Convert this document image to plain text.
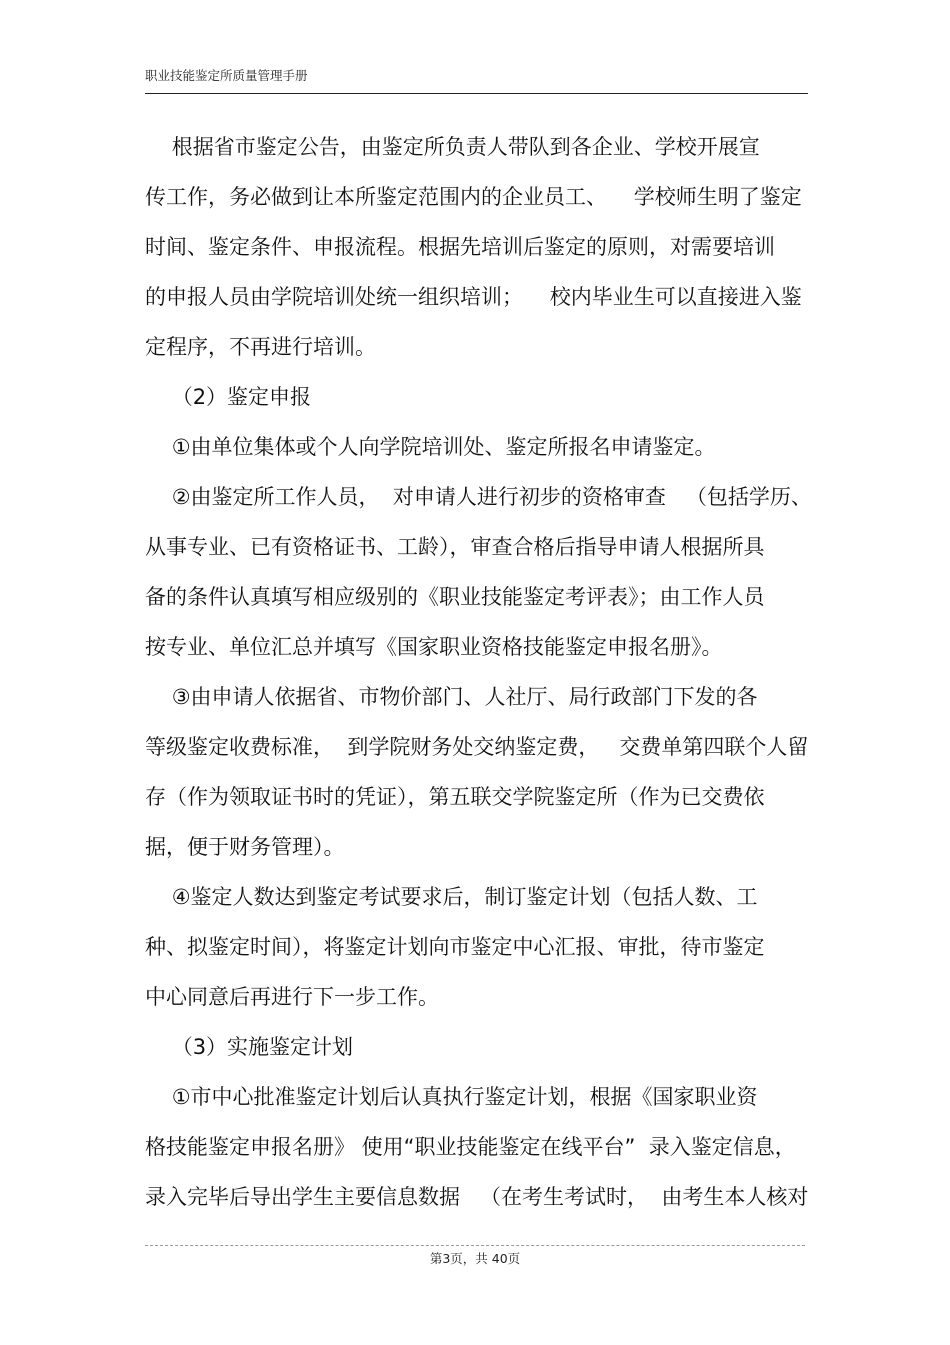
职业技能鉴定所质量管理手册
根据省市鉴定公告，由鉴定所负责人带队到各企业、学校开展宣
传工作，务必做到让本所鉴定范围内的企业员工、    学校师生明了鉴定
时间、鉴定条件、申报流程。根据先培训后鉴定的原则，对需要培训
的申报人员由学院培训处统一组织培训；    校内毕业生可以直接进入鉴
定程序，不再进行培训。
（2）鉴定申报
①由单位集体或个人向学院培训处、鉴定所报名申请鉴定。
②由鉴定所工作人员，  对申请人进行初步的资格审查   （包括学历、
从事专业、已有资格证书、工龄），审查合格后指导申请人根据所具
备的条件认真填写相应级别的《职业技能鉴定考评表》；由工作人员
按专业、单位汇总并填写《国家职业资格技能鉴定申报名册》。
③由申请人依据省、市物价部门、人社厅、局行政部门下发的各
等级鉴定收费标准，  到学院财务处交纳鉴定费，   交费单第四联个人留
存（作为领取证书时的凭证），第五联交学院鉴定所（作为已交费依
据，便于财务管理）。
④鉴定人数达到鉴定考试要求后，制订鉴定计划（包括人数、工
种、拟鉴定时间），将鉴定计划向市鉴定中心汇报、审批，待市鉴定
中心同意后再进行下一步工作。
（3）实施鉴定计划
①市中心批准鉴定计划后认真执行鉴定计划，根据《国家职业资
格技能鉴定申报名册》 使用“职业技能鉴定在线平台”  录入鉴定信息，
录入完毕后导出学生主要信息数据   （在考生考试时，  由考生本人核对
第3页，共 40页
